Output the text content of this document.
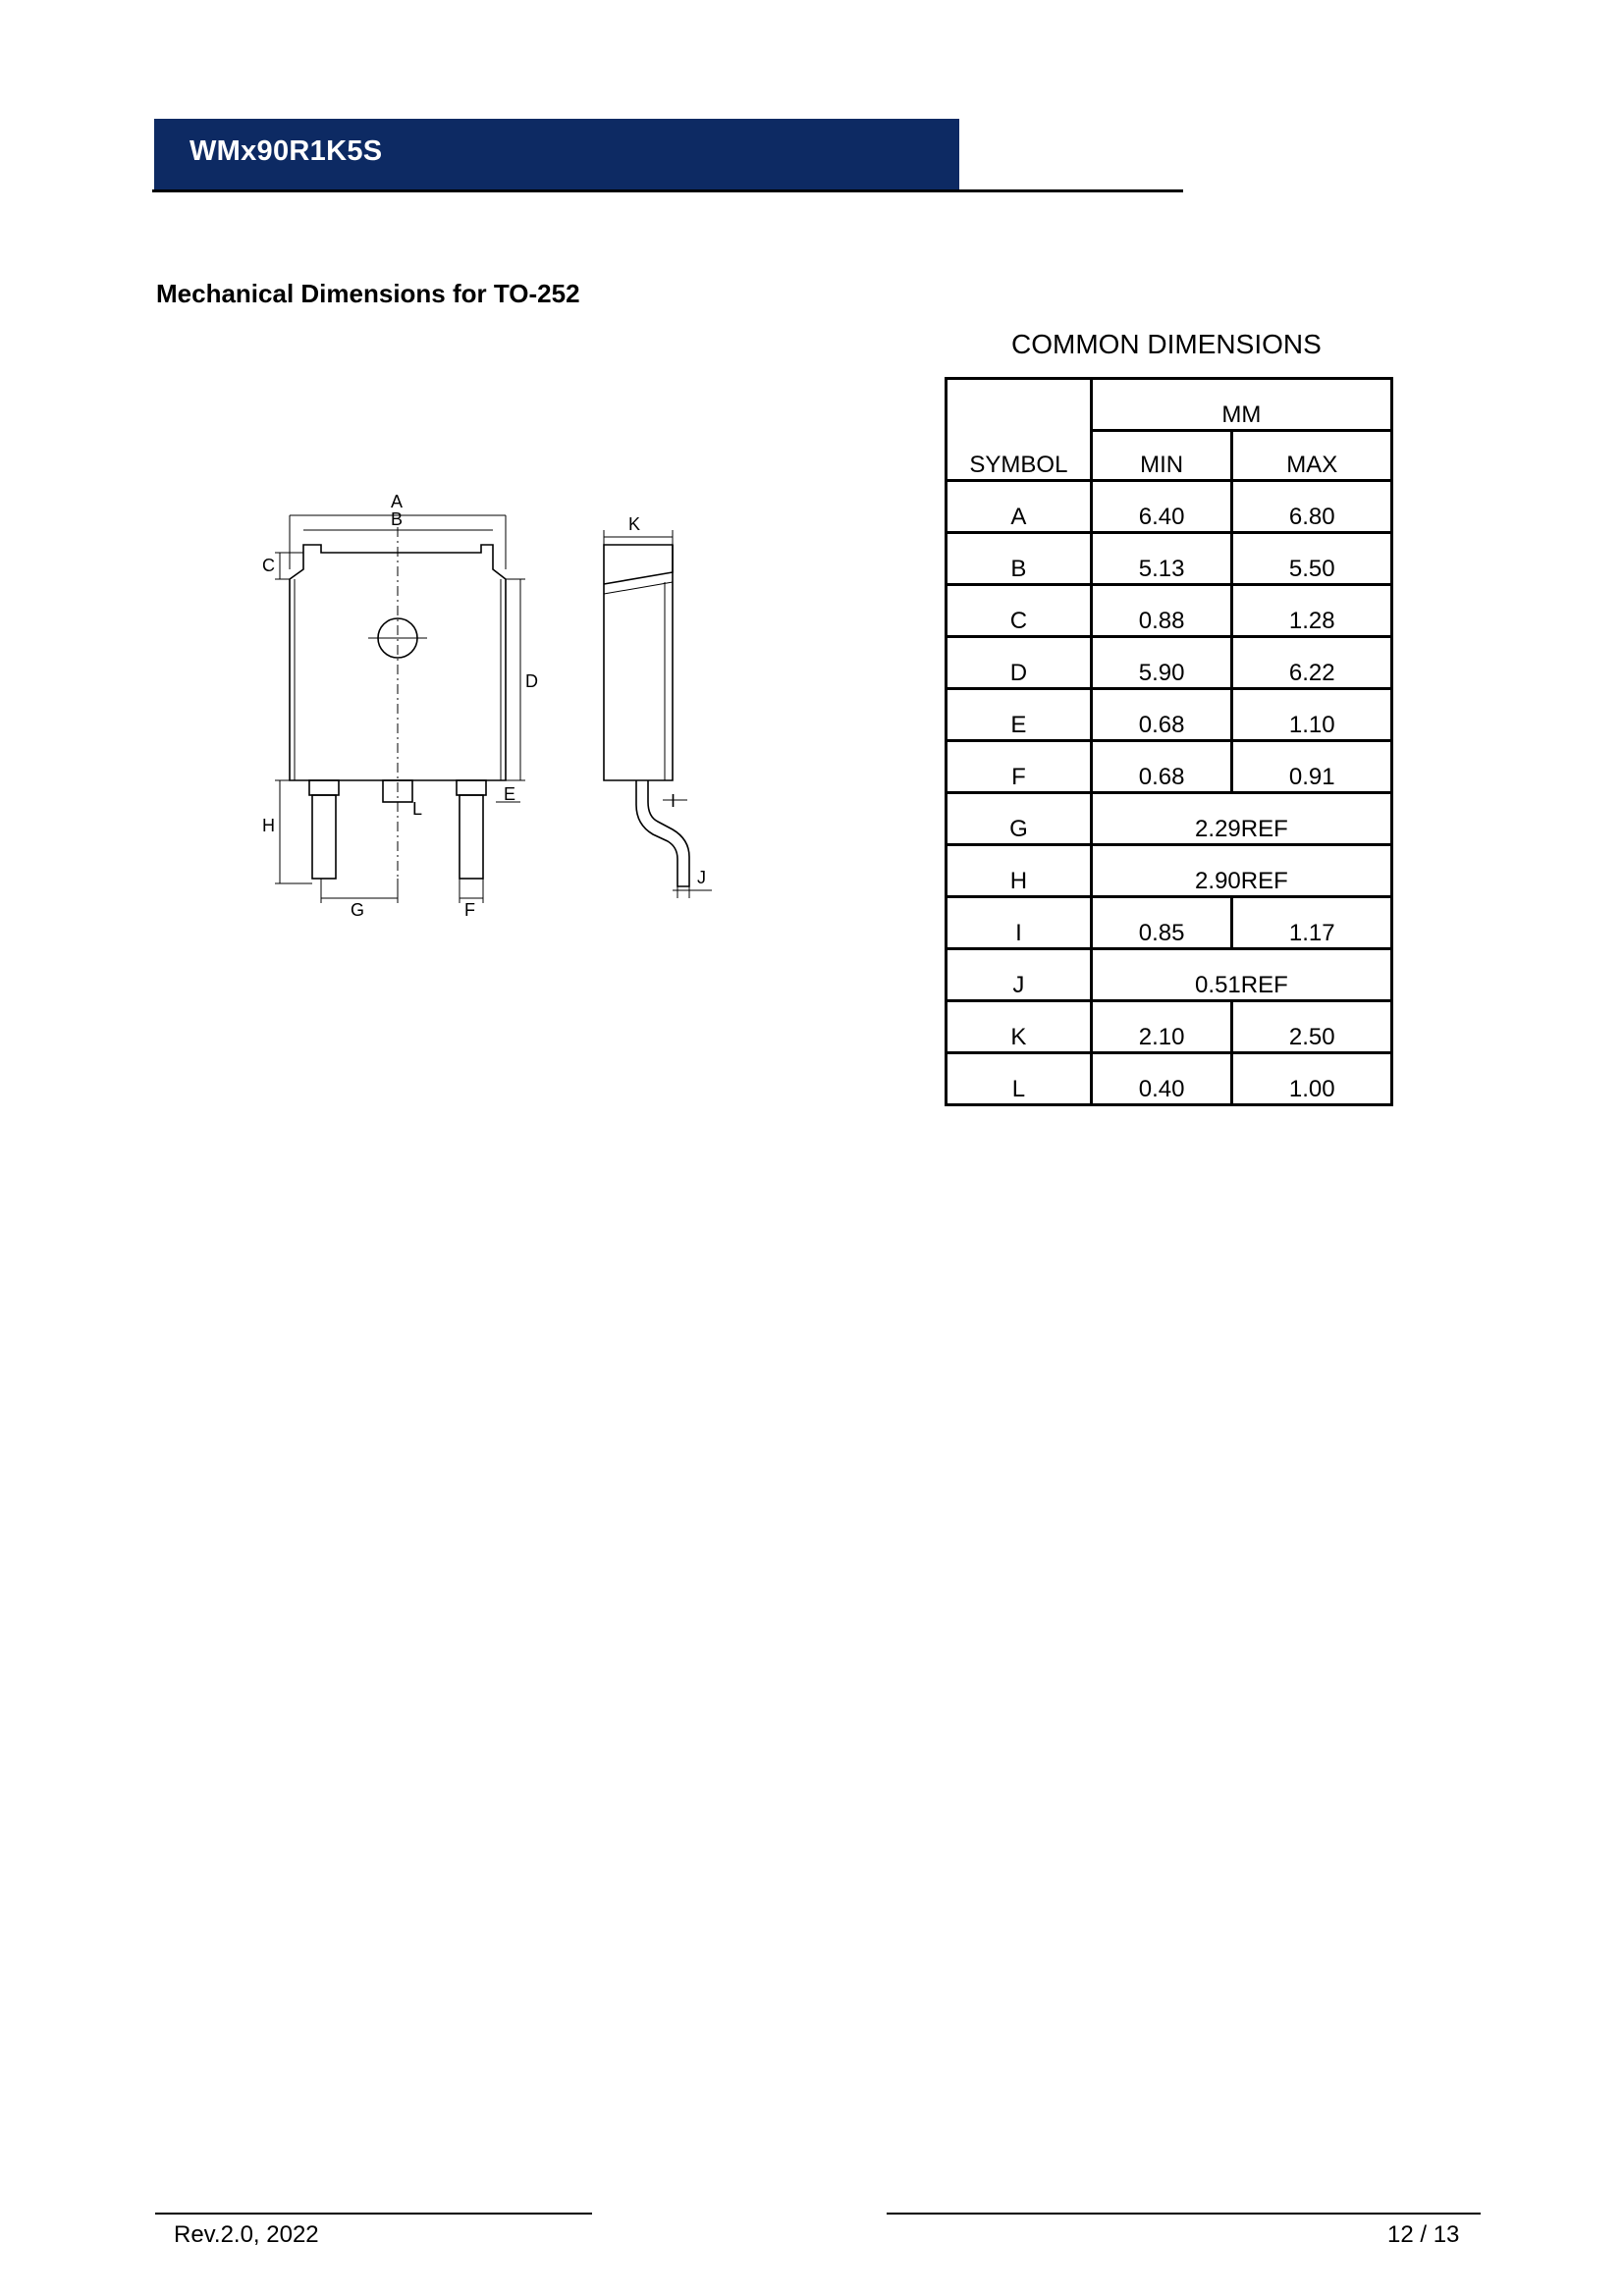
WMx90R1K5S
Mechanical Dimensions for TO-252
A
B
C
D
E
F
G
H
I
J
K
L
COMMON DIMENSIONS
SYMBOL	MM	
	MIN	MAX
A	6.40	6.80
B	5.13	5.50
C	0.88	1.28
D	5.90	6.22
E	0.68	1.10
F	0.68	0.91
G	2.29REF	
H	2.90REF	
I	0.85	1.17
J	0.51REF	
K	2.10	2.50
L	0.40	1.00
Rev.2.0, 2022	12 / 13
